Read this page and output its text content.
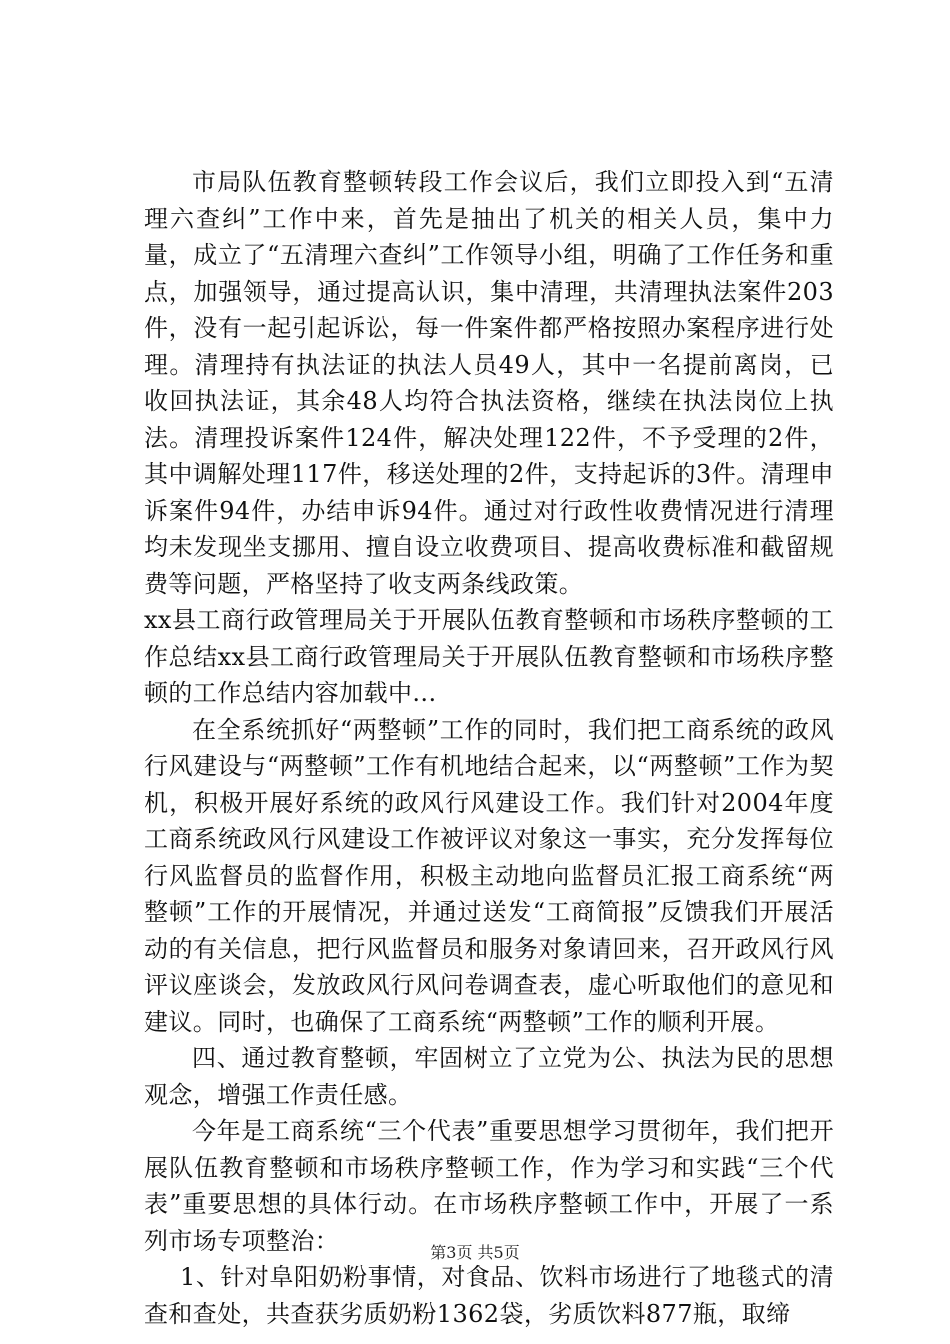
市局队伍教育整顿转段工作会议后，我们立即投入到“五清理六查纠”工作中来，首先是抽出了机关的相关人员，集中力量，成立了“五清理六查纠”工作领导小组，明确了工作任务和重点，加强领导，通过提高认识，集中清理，共清理执法案件203件，没有一起引起诉讼，每一件案件都严格按照办案程序进行处理。清理持有执法证的执法人员49人，其中一名提前离岗，已收回执法证，其余48人均符合执法资格，继续在执法岗位上执法。清理投诉案件124件，解决处理122件，不予受理的2件，其中调解处理117件，移送处理的2件，支持起诉的3件。清理申诉案件94件，办结申诉94件。通过对行政性收费情况进行清理均未发现坐支挪用、擅自设立收费项目、提高收费标准和截留规费等问题，严格坚持了收支两条线政策。

xx县工商行政管理局关于开展队伍教育整顿和市场秩序整顿的工作总结xx县工商行政管理局关于开展队伍教育整顿和市场秩序整顿的工作总结内容加载中...

在全系统抓好“两整顿”工作的同时，我们把工商系统的政风行风建设与“两整顿”工作有机地结合起来，以“两整顿”工作为契机，积极开展好系统的政风行风建设工作。我们针对2004年度工商系统政风行风建设工作被评议对象这一事实，充分发挥每位行风监督员的监督作用，积极主动地向监督员汇报工商系统“两整顿”工作的开展情况，并通过送发“工商简报”反馈我们开展活动的有关信息，把行风监督员和服务对象请回来，召开政风行风评议座谈会，发放政风行风问卷调查表，虚心听取他们的意见和建议。同时，也确保了工商系统“两整顿”工作的顺利开展。

四、通过教育整顿，牢固树立了立党为公、执法为民的思想观念，增强工作责任感。

今年是工商系统“三个代表”重要思想学习贯彻年，我们把开展队伍教育整顿和市场秩序整顿工作，作为学习和实践“三个代表”重要思想的具体行动。在市场秩序整顿工作中，开展了一系列市场专项整治：

1、针对阜阳奶粉事情，对食品、饮料市场进行了地毯式的清查和查处，共查获劣质奶粉1362袋，劣质饮料877瓶，取缔

第3页 共5页
